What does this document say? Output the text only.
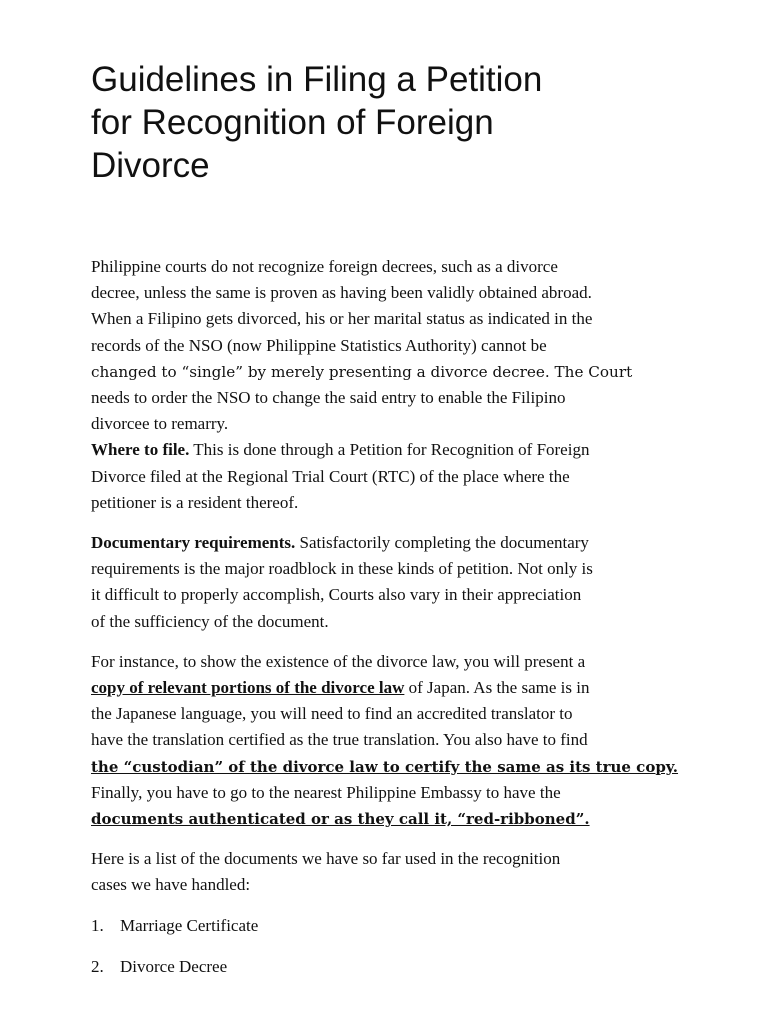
Guidelines in Filing a Petition
for Recognition of Foreign
Divorce

Philippine courts do not recognize foreign decrees, such as a divorce
decree, unless the same is proven as having been validly obtained abroad.
When a Filipino gets divorced, his or her marital status as indicated in the
records of the NSO (now Philippine Statistics Authority) cannot be
changed to “single” by merely presenting a divorce decree. The Court
needs to order the NSO to change the said entry to enable the Filipino
divorcee to remarry.

Where to file. This is done through a Petition for Recognition of Foreign
Divorce filed at the Regional Trial Court (RTC) of the place where the
petitioner is a resident thereof.

Documentary requirements. Satisfactorily completing the documentary
requirements is the major roadblock in these kinds of petition. Not only is
it difficult to properly accomplish, Courts also vary in their appreciation
of the sufficiency of the document.

For instance, to show the existence of the divorce law, you will present a
copy of relevant portions of the divorce law of Japan. As the same is in
the Japanese language, you will need to find an accredited translator to
have the translation certified as the true translation. You also have to find
the “custodian” of the divorce law to certify the same as its true copy.
Finally, you have to go to the nearest Philippine Embassy to have the
documents authenticated or as they call it, “red-ribboned”.

Here is a list of the documents we have so far used in the recognition
cases we have handled:

1. Marriage Certificate
2. Divorce Decree
